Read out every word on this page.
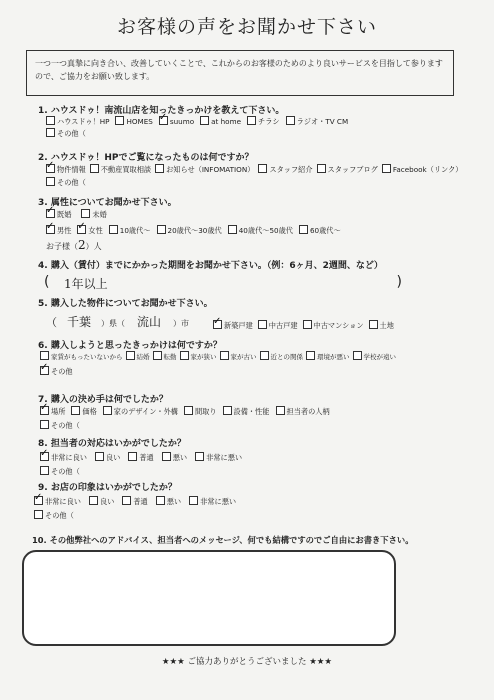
お客様の声をお聞かせ下さい
一つ一つ真摯に向き合い、改善していくことで、これからのお客様のためのより良いサービスを目指して参りますので、ご協力をお願い致します。
1. ハウスドゥ！南流山店を知ったきっかけを教えて下さい。
ハウスドゥ！HP HOMES ✓ suumo at home チラシ ラジオ・TV CM
その他（
2. ハウスドゥ！HPでご覧になったものは何ですか？
✓物件情報 不動産買取相談 お知らせ（INFOMATION） スタッフ紹介 スタッフブログ Facebook（リンク）
その他（
3. 属性についてお聞かせ下さい。
✓既婚	未婚
✓男性 ✓ 女性 10歳代～ 20歳代～30歳代 40歳代～50歳代 60歳代～
お子様（2）人
4. 購入（賃付）までにかかった期間をお聞かせ下さい。（例：6ヶ月、2週間、など）
( 1年以上	)
5. 購入した物件についてお聞かせ下さい。
（ 千葉 ）県（ 流山 ）市 ✓	新築戸建 中古戸建 中古マンション 土地
6. 購入しようと思ったきっかけは何ですか？
家賃がもったいないから 結婚 転勤 家が狭い 家が古い 近との関係 環境が悪い 学校が遠い
✓その他
7. 購入の決め手は何でしたか？
✓場所 価格 家のデザイン・外構 間取り 設備・性能 担当者の人柄
その他（
8. 担当者の対応はいかがでしたか？
✓非常に良い	良い	普通	悪い	非常に悪い
その他（
9. お店の印象はいかがでしたか？
✓非常に良い	良い	普通	悪い	非常に悪い
その他（
10. その他弊社へのアドバイス、担当者へのメッセージ、何でも結構ですのでご自由にお書き下さい。
★★★ ご協力ありがとうございました ★★★
